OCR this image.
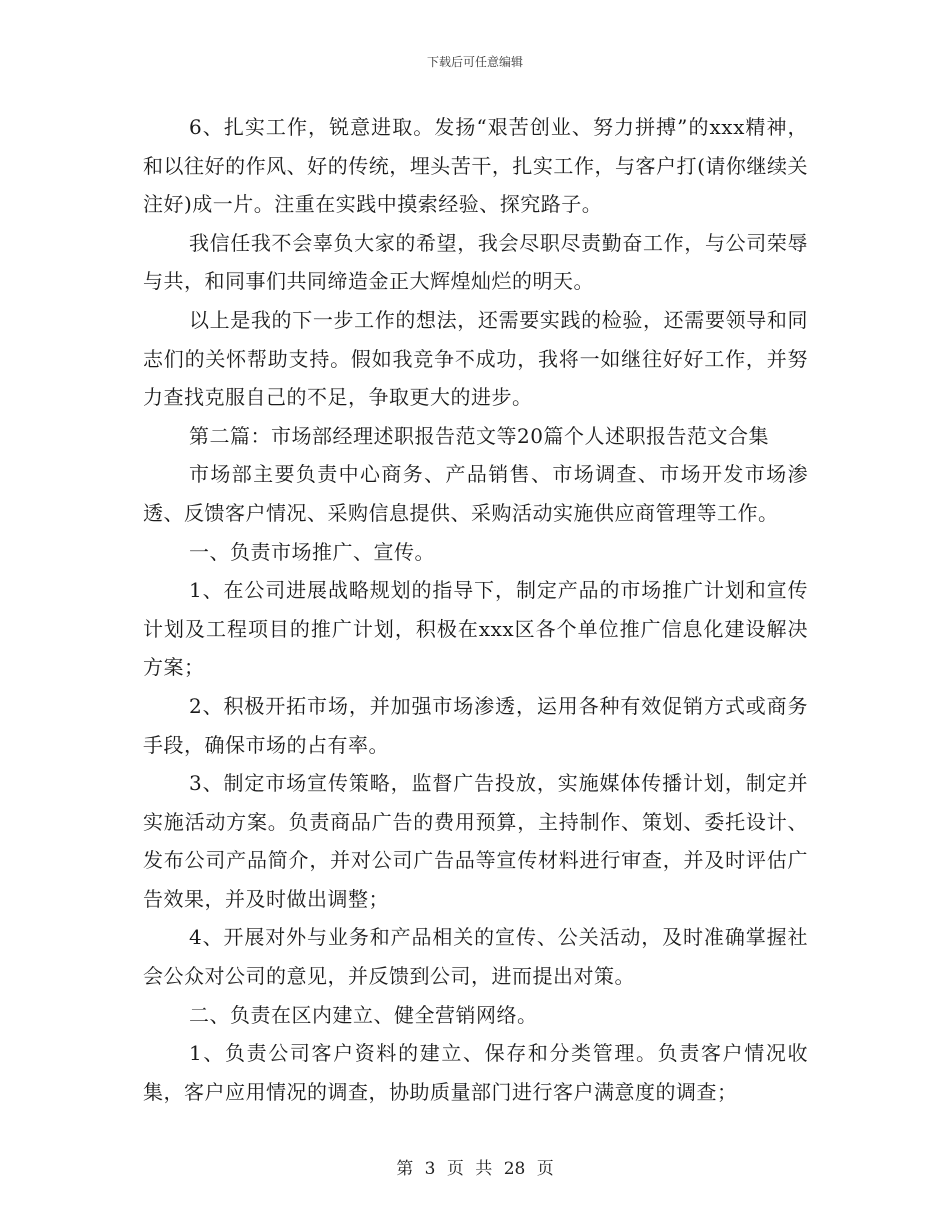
下载后可任意编辑

6、扎实工作，锐意进取。发扬“艰苦创业、努力拼搏”的xxx精神，和以往好的作风、好的传统，埋头苦干，扎实工作，与客户打(请你继续关注好)成一片。注重在实践中摸索经验、探究路子。

我信任我不会辜负大家的希望，我会尽职尽责勤奋工作，与公司荣辱与共，和同事们共同缔造金正大辉煌灿烂的明天。

以上是我的下一步工作的想法，还需要实践的检验，还需要领导和同志们的关怀帮助支持。假如我竞争不成功，我将一如继往好好工作，并努力查找克服自己的不足，争取更大的进步。

第二篇：市场部经理述职报告范文等20篇个人述职报告范文合集

市场部主要负责中心商务、产品销售、市场调查、市场开发市场渗透、反馈客户情况、采购信息提供、采购活动实施供应商管理等工作。

一、负责市场推广、宣传。

1、在公司进展战略规划的指导下，制定产品的市场推广计划和宣传计划及工程项目的推广计划，积极在xxx区各个单位推广信息化建设解决方案；

2、积极开拓市场，并加强市场渗透，运用各种有效促销方式或商务手段，确保市场的占有率。

3、制定市场宣传策略，监督广告投放，实施媒体传播计划，制定并实施活动方案。负责商品广告的费用预算，主持制作、策划、委托设计、发布公司产品简介，并对公司广告品等宣传材料进行审查，并及时评估广告效果，并及时做出调整；

4、开展对外与业务和产品相关的宣传、公关活动，及时准确掌握社会公众对公司的意见，并反馈到公司，进而提出对策。

二、负责在区内建立、健全营销网络。

1、负责公司客户资料的建立、保存和分类管理。负责客户情况收集，客户应用情况的调查，协助质量部门进行客户满意度的调查；

第 3 页 共 28 页
